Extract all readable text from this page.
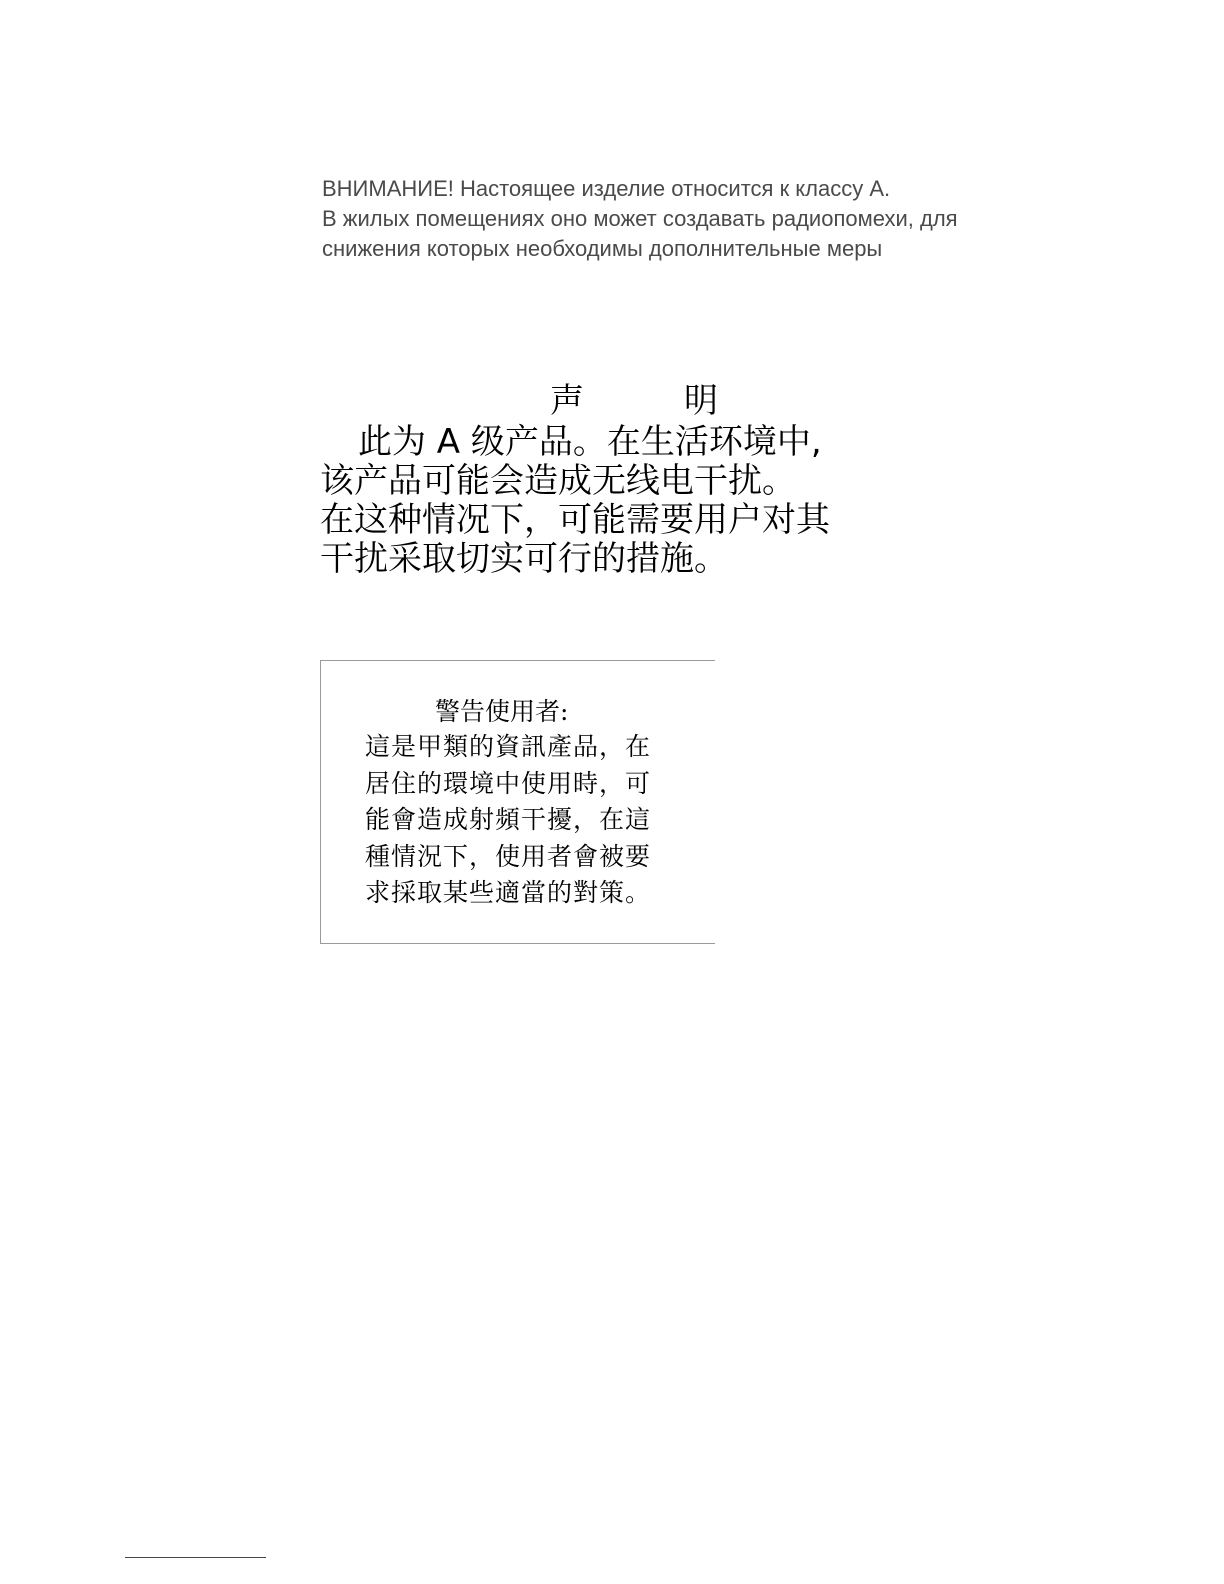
ВНИМАНИЕ! Настоящее изделие относится к классу А.
В жилых помещениях оно может создавать радиопомехи, для
снижения которых необходимы дополнительные меры
声	明
此为 A 级产品。在生活环境中,
该产品可能会造成无线电干扰。
在这种情况下，可能需要用户对其
干扰采取切实可行的措施。
警告使用者:
這是甲類的資訊產品，在
居住的環境中使用時，可
能會造成射頻干擾，在這
種情況下，使用者會被要
求採取某些適當的對策。
